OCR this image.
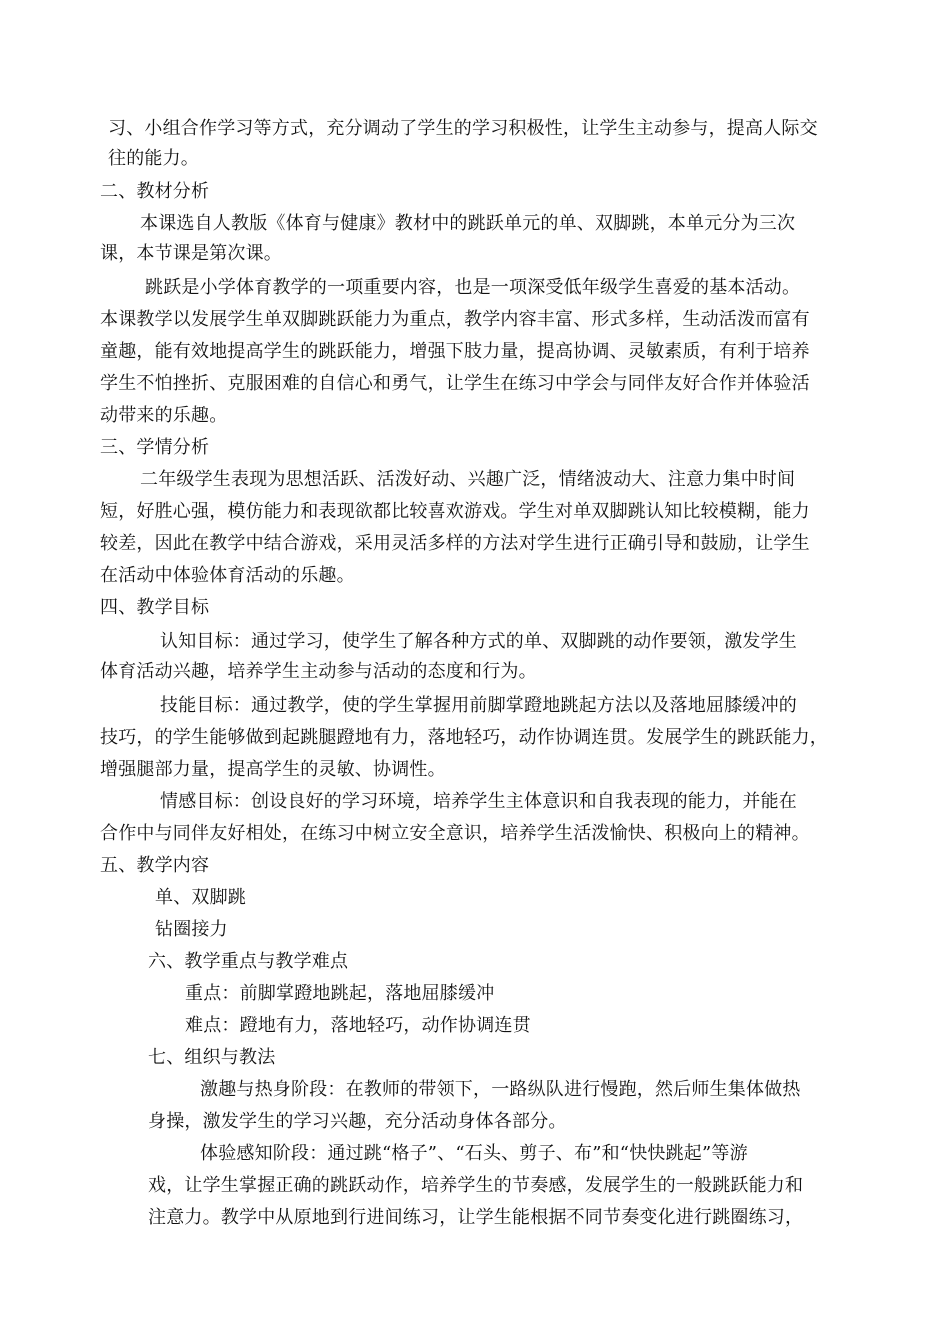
习、小组合作学习等方式，充分调动了学生的学习积极性，让学生主动参与，提高人际交
往的能力。
二、教材分析
本课选自人教版《体育与健康》教材中的跳跃单元的单、双脚跳，本单元分为三次
课，本节课是第次课。
跳跃是小学体育教学的一项重要内容，也是一项深受低年级学生喜爱的基本活动。
本课教学以发展学生单双脚跳跃能力为重点，教学内容丰富、形式多样，生动活泼而富有
童趣，能有效地提高学生的跳跃能力，增强下肢力量，提高协调、灵敏素质，有利于培养
学生不怕挫折、克服困难的自信心和勇气，让学生在练习中学会与同伴友好合作并体验活
动带来的乐趣。
三、学情分析
二年级学生表现为思想活跃、活泼好动、兴趣广泛，情绪波动大、注意力集中时间
短，好胜心强，模仿能力和表现欲都比较喜欢游戏。学生对单双脚跳认知比较模糊，能力
较差，因此在教学中结合游戏，采用灵活多样的方法对学生进行正确引导和鼓励，让学生
在活动中体验体育活动的乐趣。
四、教学目标
认知目标：通过学习，使学生了解各种方式的单、双脚跳的动作要领，激发学生
体育活动兴趣，培养学生主动参与活动的态度和行为。
技能目标：通过教学，使的学生掌握用前脚掌蹬地跳起方法以及落地屈膝缓冲的
技巧，的学生能够做到起跳腿蹬地有力，落地轻巧，动作协调连贯。发展学生的跳跃能力，
增强腿部力量，提高学生的灵敏、协调性。
情感目标：创设良好的学习环境，培养学生主体意识和自我表现的能力，并能在
合作中与同伴友好相处，在练习中树立安全意识，培养学生活泼愉快、积极向上的精神。
五、教学内容
单、双脚跳
钻圈接力
六、教学重点与教学难点
重点：前脚掌蹬地跳起，落地屈膝缓冲
难点：蹬地有力，落地轻巧，动作协调连贯
七、组织与教法
激趣与热身阶段：在教师的带领下，一路纵队进行慢跑，然后师生集体做热
身操，激发学生的学习兴趣，充分活动身体各部分。
体验感知阶段：通过跳“格子”、“石头、剪子、布”和“快快跳起”等游
戏，让学生掌握正确的跳跃动作，培养学生的节奏感，发展学生的一般跳跃能力和
注意力。教学中从原地到行进间练习，让学生能根据不同节奏变化进行跳圈练习，
